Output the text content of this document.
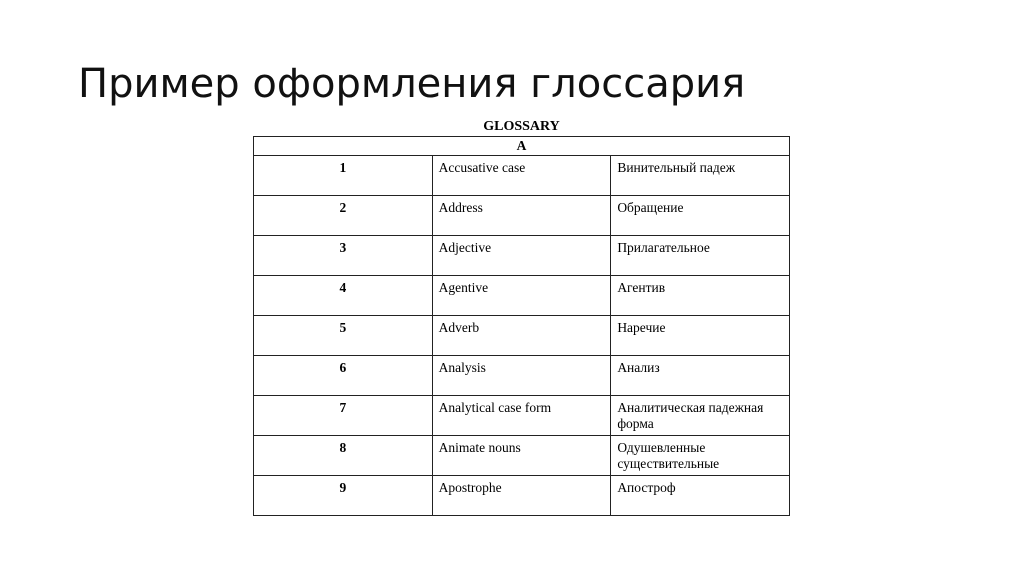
Пример оформления глоссария
GLOSSARY
A		
1	Accusative case	Винительный падеж
2	Address	Обращение
3	Adjective	Прилагательное
4	Agentive	Агентив
5	Adverb	Наречие
6	Analysis	Анализ
7	Analytical case form	Аналитическая падежная форма
8	Animate nouns	Одушевленные существительные
9	Apostrophe	Апостроф
